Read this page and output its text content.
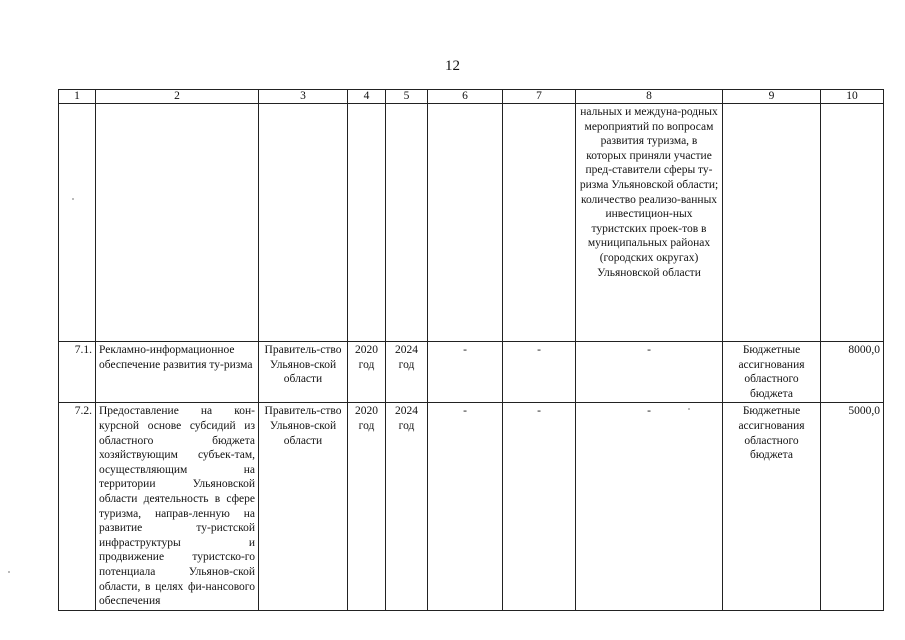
12
1	2	3	4	5	6	7	8	9	10
							нальных и междуна-родных мероприятий по вопросам развития туризма, в которых приняли участие пред-ставители сферы ту-ризма Ульяновской области; количество реализо-ванных инвестицион-ных туристских проек-тов в муниципальных районах (городских округах) Ульяновской области		
7.1.	Рекламно-информационное обеспечение развития ту-ризма	Правитель-ство Ульянов-ской области	2020 год	2024 год	-	-	-	Бюджетные ассигнования областного бюджета	8000,0
7.2.	Предоставление на кон-курсной основе субсидий из областного бюджета хозяйствующим субъек-там, осуществляющим на территории Ульяновской области деятельность в сфере туризма, направ-ленную на развитие ту-ристской инфраструктуры и продвижение туристско-го потенциала Ульянов-ской области, в целях фи-нансового обеспечения	Правитель-ство Ульянов-ской области	2020 год	2024 год	-	-	-	Бюджетные ассигнования областного бюджета	5000,0
